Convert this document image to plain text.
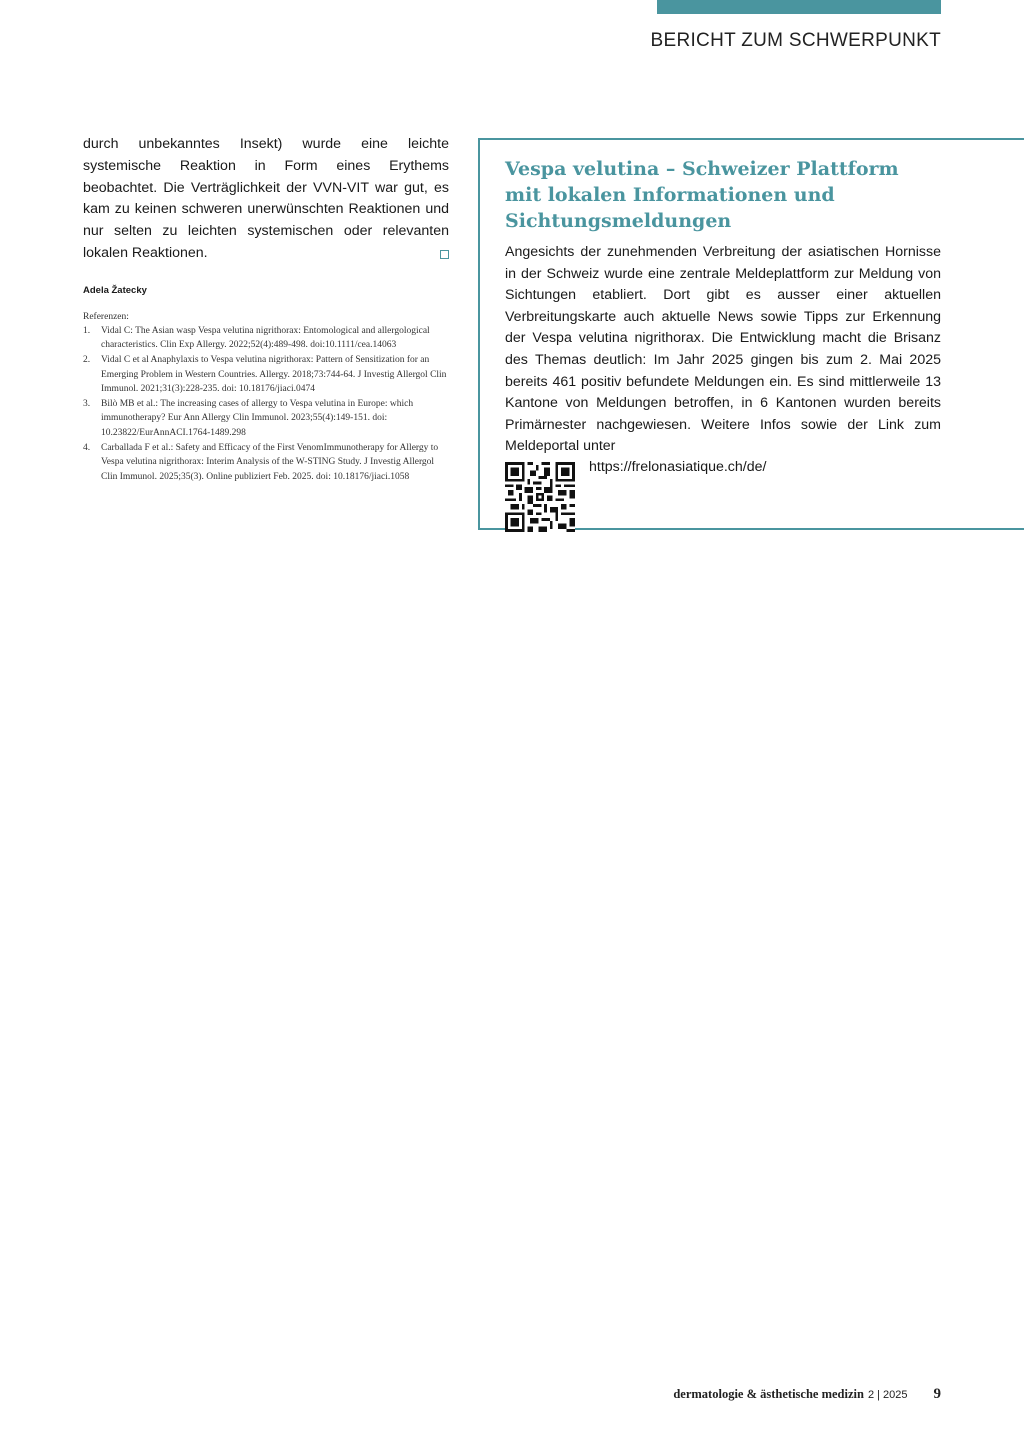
BERICHT ZUM SCHWERPUNKT

durch unbekanntes Insekt) wurde eine leichte systemische Reaktion in Form eines Erythems beobachtet. Die Verträglichkeit der VVN-VIT war gut, es kam zu keinen schweren unerwünschten Reaktionen und nur selten zu leichten systemischen oder relevanten lokalen Reaktionen.

Adela Žatecky
Referenzen:
1. Vidal C: The Asian wasp Vespa velutina nigrithorax: Entomological and allergological characteristics. Clin Exp Allergy. 2022;52(4):489-498. doi:10.1111/cea.14063
2. Vidal C et al Anaphylaxis to Vespa velutina nigrithorax: Pattern of Sensitization for an Emerging Problem in Western Countries. Allergy. 2018;73:744-64. J Investig Allergol Clin Immunol. 2021;31(3):228-235. doi: 10.18176/jiaci.0474
3. Bilò MB et al.: The increasing cases of allergy to Vespa velutina in Europe: which immunotherapy? Eur Ann Allergy Clin Immunol. 2023;55(4):149-151. doi: 10.23822/EurAnnACI.1764-1489.298
4. Carballada F et al.: Safety and Efficacy of the First VenomImmunotherapy for Allergy to Vespa velutina nigrithorax: Interim Analysis of the W-STING Study. J Investig Allergol Clin Immunol. 2025;35(3). Online publiziert Feb. 2025. doi: 10.18176/jiaci.1058
Vespa velutina – Schweizer Plattform mit lokalen Informationen und Sichtungsmeldungen

Angesichts der zunehmenden Verbreitung der asiatischen Hornisse in der Schweiz wurde eine zentrale Meldeplattform zur Meldung von Sichtungen etabliert. Dort gibt es ausser einer aktuellen Verbreitungskarte auch aktuelle News sowie Tipps zur Erkennung der Vespa velutina nigrithorax. Die Entwicklung macht die Brisanz des Themas deutlich: Im Jahr 2025 gingen bis zum 2. Mai 2025 bereits 461 positiv befundete Meldungen ein. Es sind mittlerweile 13 Kantone von Meldungen betroffen, in 6 Kantonen wurden bereits Primärnester nachgewiesen. Weitere Infos sowie der Link zum Meldeportal unter

https://frelonasiatique.ch/de/
dermatologie & ästhetische medizin 2 | 2025 9
